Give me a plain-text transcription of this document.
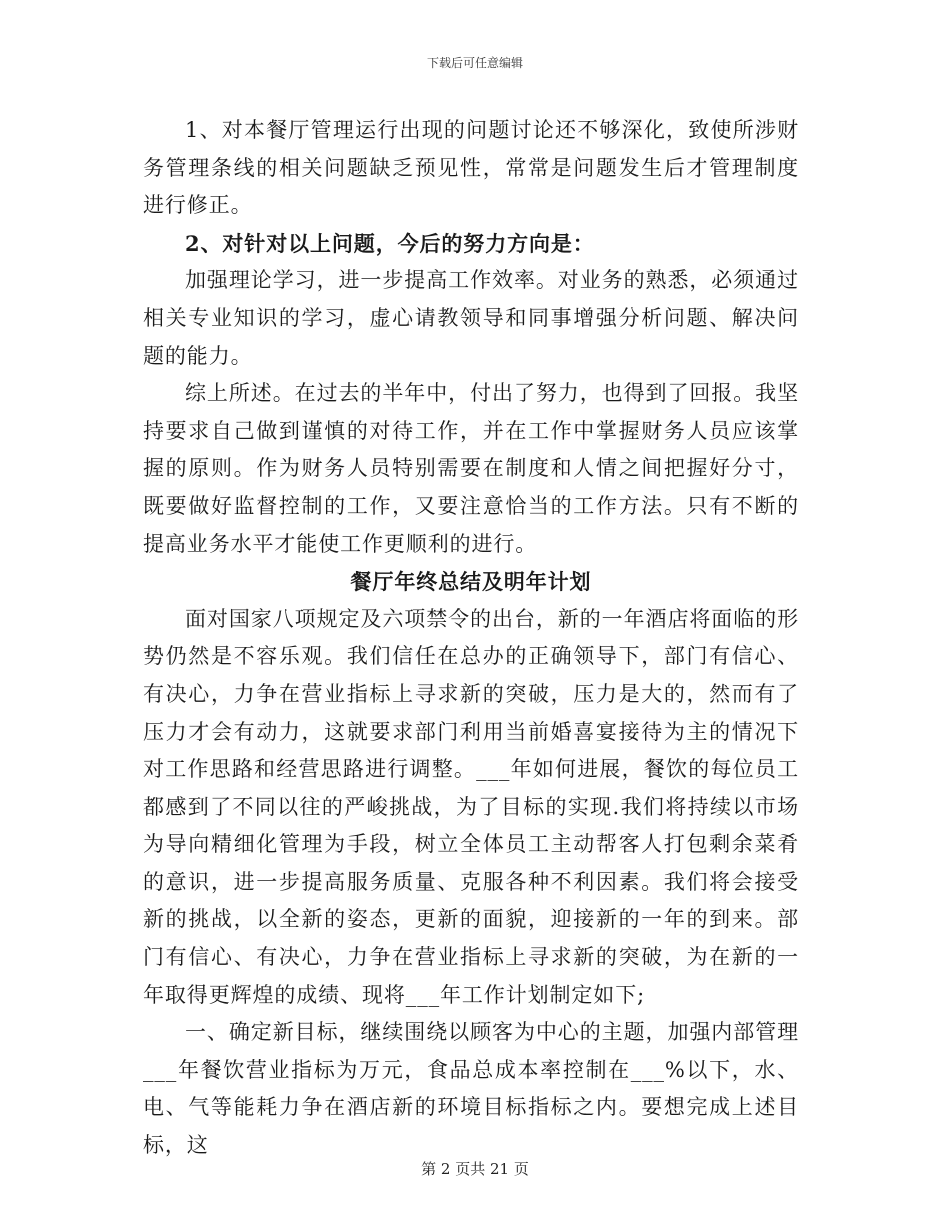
下载后可任意编辑

1、对本餐厅管理运行出现的问题讨论还不够深化，致使所涉财务管理条线的相关问题缺乏预见性，常常是问题发生后才管理制度进行修正。

2、对针对以上问题，今后的努力方向是：

加强理论学习，进一步提高工作效率。对业务的熟悉，必须通过相关专业知识的学习，虚心请教领导和同事增强分析问题、解决问题的能力。

综上所述。在过去的半年中，付出了努力，也得到了回报。我坚持要求自己做到谨慎的对待工作，并在工作中掌握财务人员应该掌握的原则。作为财务人员特别需要在制度和人情之间把握好分寸，既要做好监督控制的工作，又要注意恰当的工作方法。只有不断的提高业务水平才能使工作更顺利的进行。

餐厅年终总结及明年计划

面对国家八项规定及六项禁令的出台，新的一年酒店将面临的形势仍然是不容乐观。我们信任在总办的正确领导下，部门有信心、有决心，力争在营业指标上寻求新的突破，压力是大的，然而有了压力才会有动力，这就要求部门利用当前婚喜宴接待为主的情况下对工作思路和经营思路进行调整。___年如何进展，餐饮的每位员工都感到了不同以往的严峻挑战，为了目标的实现.我们将持续以市场为导向精细化管理为手段，树立全体员工主动帮客人打包剩余菜肴的意识，进一步提高服务质量、克服各种不利因素。我们将会接受新的挑战，以全新的姿态，更新的面貌，迎接新的一年的到来。部门有信心、有决心，力争在营业指标上寻求新的突破，为在新的一年取得更辉煌的成绩、现将___年工作计划制定如下;

一、确定新目标，继续围绕以顾客为中心的主题，加强内部管理___年餐饮营业指标为万元，食品总成本率控制在___%以下，水、电、气等能耗力争在酒店新的环境目标指标之内。要想完成上述目标，这

第 2 页共 21 页
